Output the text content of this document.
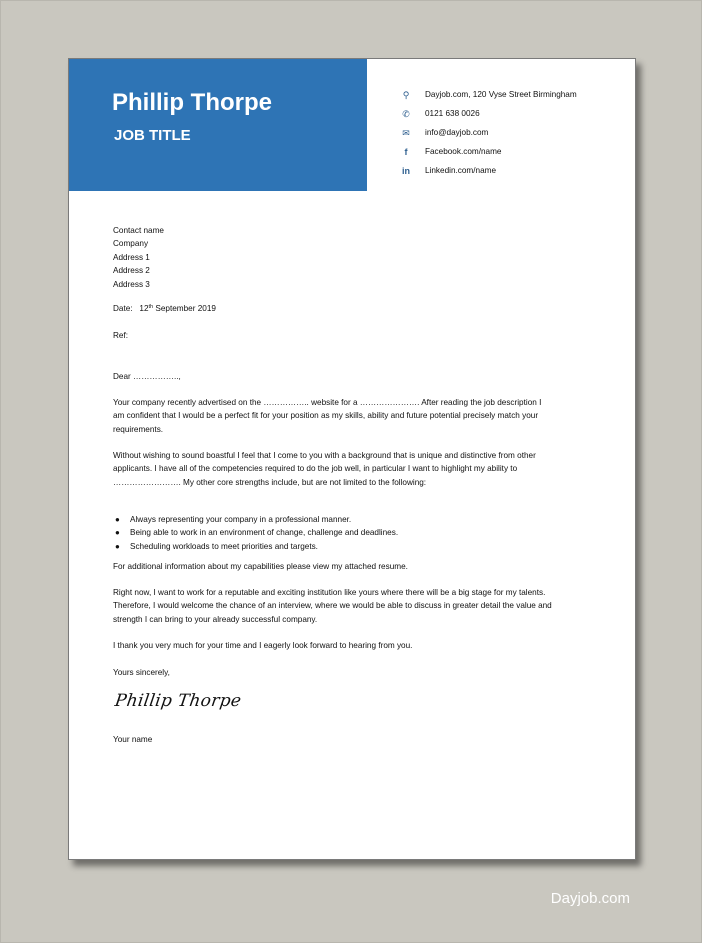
Phillip Thorpe
JOB TITLE
⚲	Dayjob.com, 120 Vyse Street Birmingham
✆	0121 638 0026
✉	info@dayjob.com
f	Facebook.com/name
in	Linkedin.com/name

Contact name

Company

Address 1

Address 2

Address 3

Date: 12th September 2019
Ref:
Dear ……………..,
Your company recently advertised on the …………….. website for a …………………. After reading the job description I am confident that I would be a perfect fit for your position as my skills, ability and future potential precisely match your requirements.
Without wishing to sound boastful I feel that I come to you with a background that is unique and distinctive from other applicants. I have all of the competencies required to do the job well, in particular I want to highlight my ability to ……………………. My other core strengths include, but are not limited to the following:
● Always representing your company in a professional manner.
● Being able to work in an environment of change, challenge and deadlines.
● Scheduling workloads to meet priorities and targets.
For additional information about my capabilities please view my attached resume.
Right now, I want to work for a reputable and exciting institution like yours where there will be a big stage for my talents. Therefore, I would welcome the chance of an interview, where we would be able to discuss in greater detail the value and strength I can bring to your already successful company.
I thank you very much for your time and I eagerly look forward to hearing from you.
Yours sincerely,
Phillip Thorpe
Your name
Dayjob.com
